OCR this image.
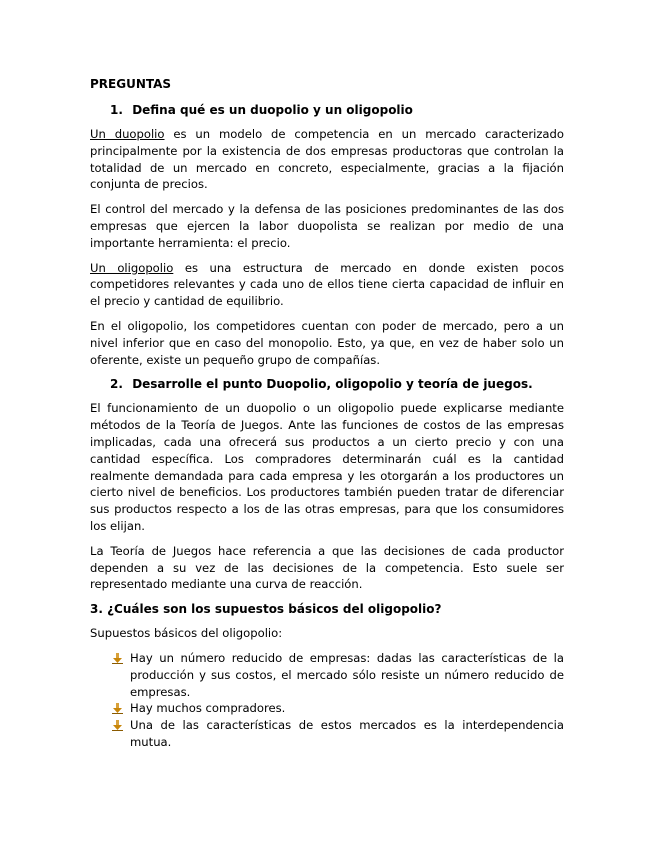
PREGUNTAS
1. Defina qué es un duopolio y un oligopolio

Un duopolio es un modelo de competencia en un mercado caracterizado principalmente por la existencia de dos empresas productoras que controlan la totalidad de un mercado en concreto, especialmente, gracias a la fijación conjunta de precios.

El control del mercado y la defensa de las posiciones predominantes de las dos empresas que ejercen la labor duopolista se realizan por medio de una importante herramienta: el precio.

Un oligopolio es una estructura de mercado en donde existen pocos competidores relevantes y cada uno de ellos tiene cierta capacidad de influir en el precio y cantidad de equilibrio.

En el oligopolio, los competidores cuentan con poder de mercado, pero a un nivel inferior que en caso del monopolio. Esto, ya que, en vez de haber solo un oferente, existe un pequeño grupo de compañías.

2. Desarrolle el punto Duopolio, oligopolio y teoría de juegos.

El funcionamiento de un duopolio o un oligopolio puede explicarse mediante métodos de la Teoría de Juegos. Ante las funciones de costos de las empresas implicadas, cada una ofrecerá sus productos a un cierto precio y con una cantidad específica. Los compradores determinarán cuál es la cantidad realmente demandada para cada empresa y les otorgarán a los productores un cierto nivel de beneficios. Los productores también pueden tratar de diferenciar sus productos respecto a los de las otras empresas, para que los consumidores los elijan.

La Teoría de Juegos hace referencia a que las decisiones de cada productor dependen a su vez de las decisiones de la competencia. Esto suele ser representado mediante una curva de reacción.

3. ¿Cuáles son los supuestos básicos del oligopolio?

Supuestos básicos del oligopolio:

Hay un número reducido de empresas: dadas las características de la producción y sus costos, el mercado sólo resiste un número reducido de empresas.
Hay muchos compradores.
Una de las características de estos mercados es la interdependencia mutua.
